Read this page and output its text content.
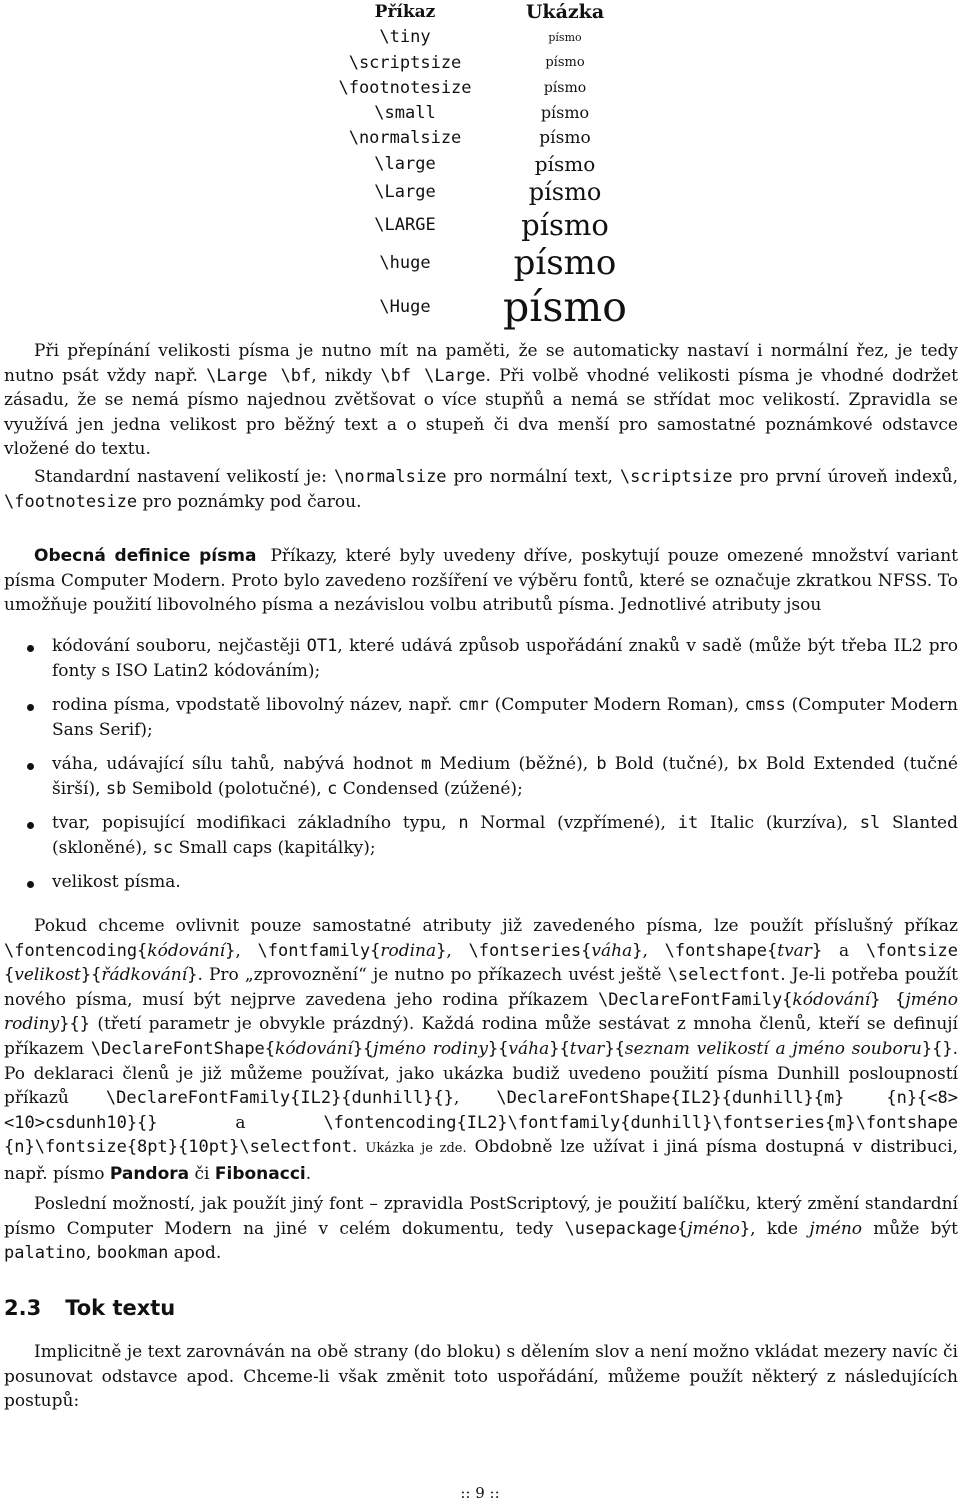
Příkaz	Ukázka
\tiny	písmo
\scriptsize	písmo
\footnotesize	písmo
\small	písmo
\normalsize	písmo
\large	písmo
\Large	písmo
\LARGE	písmo
\huge	písmo
\Huge	písmo
Při přepínání velikosti písma je nutno mít na paměti, že se automaticky nastaví i normální řez, je tedy nutno psát vždy např. \Large \bf, nikdy \bf \Large. Při volbě vhodné velikosti písma je vhodné dodržet zásadu, že se nemá písmo najednou zvětšovat o více stupňů a nemá se střídat moc velikostí. Zpravidla se využívá jen jedna velikost pro běžný text a o stupeň či dva menší pro samostatné poznámkové odstavce vložené do textu.
Standardní nastavení velikostí je: \normalsize pro normální text, \scriptsize pro první úroveň indexů, \footnotesize pro poznámky pod čarou.
Obecná definice písma Příkazy, které byly uvedeny dříve, poskytují pouze omezené množství variant písma Computer Modern. Proto bylo zavedeno rozšíření ve výběru fontů, které se označuje zkratkou NFSS. To umožňuje použití libovolného písma a nezávislou volbu atributů písma. Jednotlivé atributy jsou
kódování souboru, nejčastěji OT1, které udává způsob uspořádání znaků v sadě (může být třeba IL2 pro fonty s ISO Latin2 kódováním);
rodina písma, vpodstatě libovolný název, např. cmr (Computer Modern Roman), cmss (Computer Modern Sans Serif);
váha, udávající sílu tahů, nabývá hodnot m Medium (běžné), b Bold (tučné), bx Bold Extended (tučné širší), sb Semibold (polotučné), c Condensed (zúžené);
tvar, popisující modifikaci základního typu, n Normal (vzpřímené), it Italic (kurzíva), sl Slanted (skloněné), sc Small caps (kapitálky);
velikost písma.
Pokud chceme ovlivnit pouze samostatné atributy již zavedeného písma, lze použít příslušný příkaz \fontencoding{kódování}, \fontfamily{rodina}, \fontseries{váha}, \fontshape{tvar} a \fontsize {velikost}{řádkování}. Pro „zprovoznění“ je nutno po příkazech uvést ještě \selectfont. Je-li potřeba použít nového písma, musí být nejprve zavedena jeho rodina příkazem \DeclareFontFamily{kódování} {jméno rodiny}{} (třetí parametr je obvykle prázdný). Každá rodina může sestávat z mnoha členů, kteří se definují příkazem \DeclareFontShape{kódování}{jméno rodiny}{váha}{tvar}{seznam velikostí a jméno souboru}{}. Po deklaraci členů je již můžeme používat, jako ukázka budiž uvedeno použití písma Dunhill posloupností příkazů \DeclareFontFamily{IL2}{dunhill}{}, \DeclareFontShape{IL2}{dunhill}{m} {n}{<8><10>csdunh10}{} a \fontencoding{IL2}\fontfamily{dunhill}\fontseries{m}\fontshape {n}\fontsize{8pt}{10pt}\selectfont. Ukázka je zde. Obdobně lze užívat i jiná písma dostupná v distribuci, např. písmo Pandora či Fibonacci.
Poslední možností, jak použít jiný font – zpravidla PostScriptový, je použití balíčku, který změní standardní písmo Computer Modern na jiné v celém dokumentu, tedy \usepackage{jméno}, kde jméno může být palatino, bookman apod.
2.3 Tok textu
Implicitně je text zarovnáván na obě strany (do bloku) s dělením slov a není možno vkládat mezery navíc či posunovat odstavce apod. Chceme-li však změnit toto uspořádání, můžeme použít některý z následujících postupů:
:: 9 ::
